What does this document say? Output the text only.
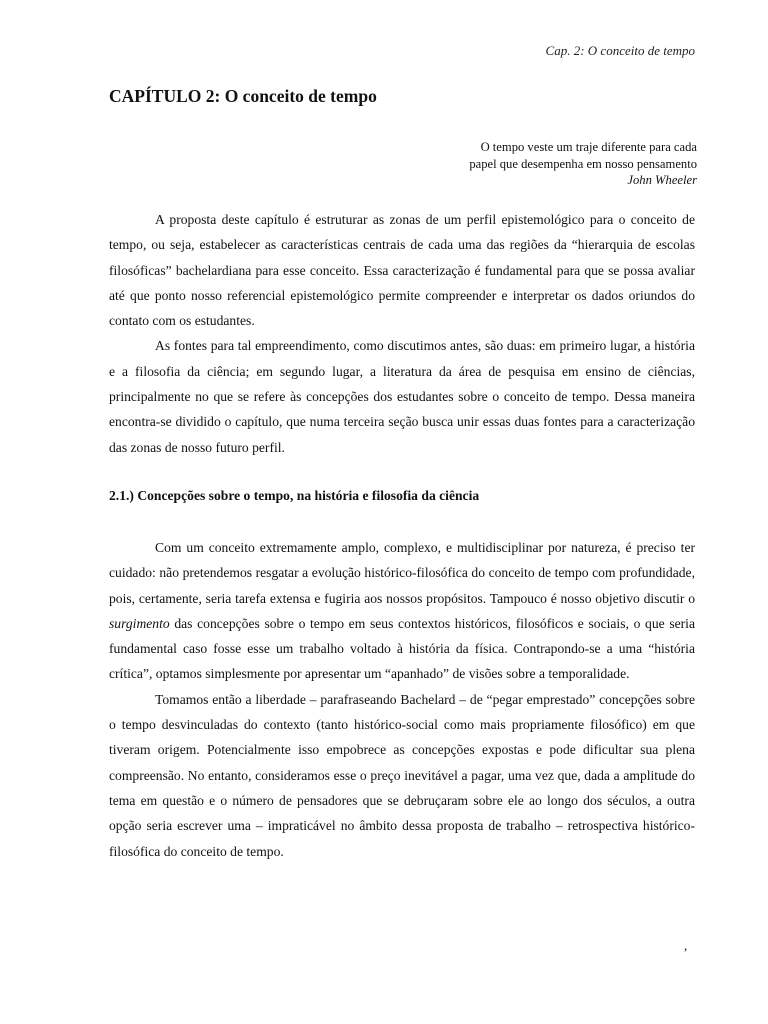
Cap. 2: O conceito de tempo
CAPÍTULO 2: O conceito de tempo
O tempo veste um traje diferente para cada
papel que desempenha em nosso pensamento
John Wheeler

A proposta deste capítulo é estruturar as zonas de um perfil epistemológico para o conceito de tempo, ou seja, estabelecer as características centrais de cada uma das regiões da “hierarquia de escolas filosóficas” bachelardiana para esse conceito. Essa caracterização é fundamental para que se possa avaliar até que ponto nosso referencial epistemológico permite compreender e interpretar os dados oriundos do contato com os estudantes.

As fontes para tal empreendimento, como discutimos antes, são duas: em primeiro lugar, a história e a filosofia da ciência; em segundo lugar, a literatura da área de pesquisa em ensino de ciências, principalmente no que se refere às concepções dos estudantes sobre o conceito de tempo. Dessa maneira encontra-se dividido o capítulo, que numa terceira seção busca unir essas duas fontes para a caracterização das zonas de nosso futuro perfil.

2.1.) Concepções sobre o tempo, na história e filosofia da ciência

Com um conceito extremamente amplo, complexo, e multidisciplinar por natureza, é preciso ter cuidado: não pretendemos resgatar a evolução histórico-filosófica do conceito de tempo com profundidade, pois, certamente, seria tarefa extensa e fugiria aos nossos propósitos. Tampouco é nosso objetivo discutir o surgimento das concepções sobre o tempo em seus contextos históricos, filosóficos e sociais, o que seria fundamental caso fosse esse um trabalho voltado à história da física. Contrapondo-se a uma “história crítica”, optamos simplesmente por apresentar um “apanhado” de visões sobre a temporalidade.

Tomamos então a liberdade – parafraseando Bachelard – de “pegar emprestado” concepções sobre o tempo desvinculadas do contexto (tanto histórico-social como mais propriamente filosófico) em que tiveram origem. Potencialmente isso empobrece as concepções expostas e pode dificultar sua plena compreensão. No entanto, consideramos esse o preço inevitável a pagar, uma vez que, dada a amplitude do tema em questão e o número de pensadores que se debruçaram sobre ele ao longo dos séculos, a outra opção seria escrever uma – impraticável no âmbito dessa proposta de trabalho – retrospectiva histórico-filosófica do conceito de tempo.

,
